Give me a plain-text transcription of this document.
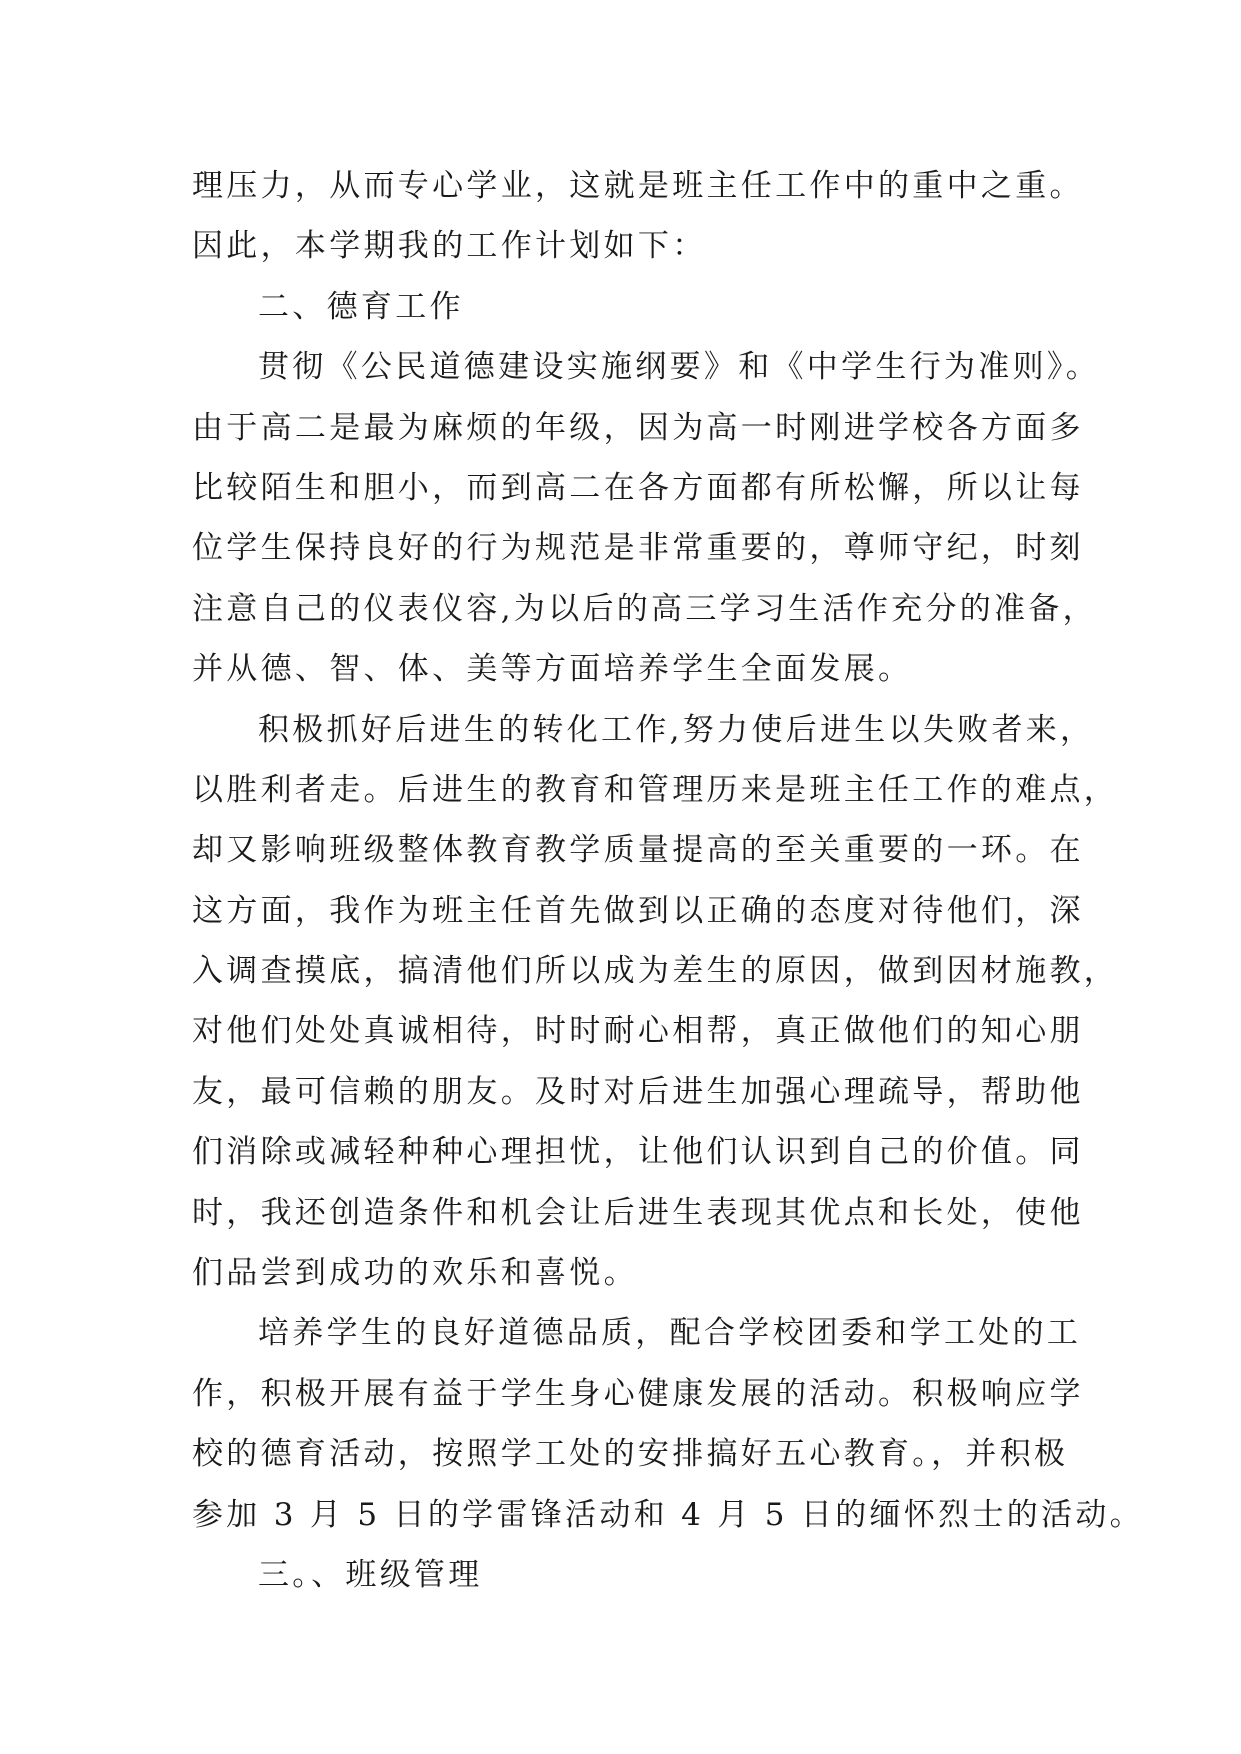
理压力，从而专心学业，这就是班主任工作中的重中之重。
因此，本学期我的工作计划如下：
二、德育工作
贯彻《公民道德建设实施纲要》和《中学生行为准则》。
由于高二是最为麻烦的年级，因为高一时刚进学校各方面多
比较陌生和胆小，而到高二在各方面都有所松懈，所以让每
位学生保持良好的行为规范是非常重要的，尊师守纪，时刻
注意自己的仪表仪容,为以后的高三学习生活作充分的准备，
并从德、智、体、美等方面培养学生全面发展。
积极抓好后进生的转化工作,努力使后进生以失败者来，
以胜利者走。后进生的教育和管理历来是班主任工作的难点，
却又影响班级整体教育教学质量提高的至关重要的一环。在
这方面，我作为班主任首先做到以正确的态度对待他们，深
入调查摸底，搞清他们所以成为差生的原因，做到因材施教，
对他们处处真诚相待，时时耐心相帮，真正做他们的知心朋
友，最可信赖的朋友。及时对后进生加强心理疏导，帮助他
们消除或减轻种种心理担忧，让他们认识到自己的价值。同
时，我还创造条件和机会让后进生表现其优点和长处，使他
们品尝到成功的欢乐和喜悦。
培养学生的良好道德品质，配合学校团委和学工处的工
作，积极开展有益于学生身心健康发展的活动。积极响应学
校的德育活动，按照学工处的安排搞好五心教育。，并积极
参加 3 月 5 日的学雷锋活动和 4 月 5 日的缅怀烈士的活动。
三。、班级管理
